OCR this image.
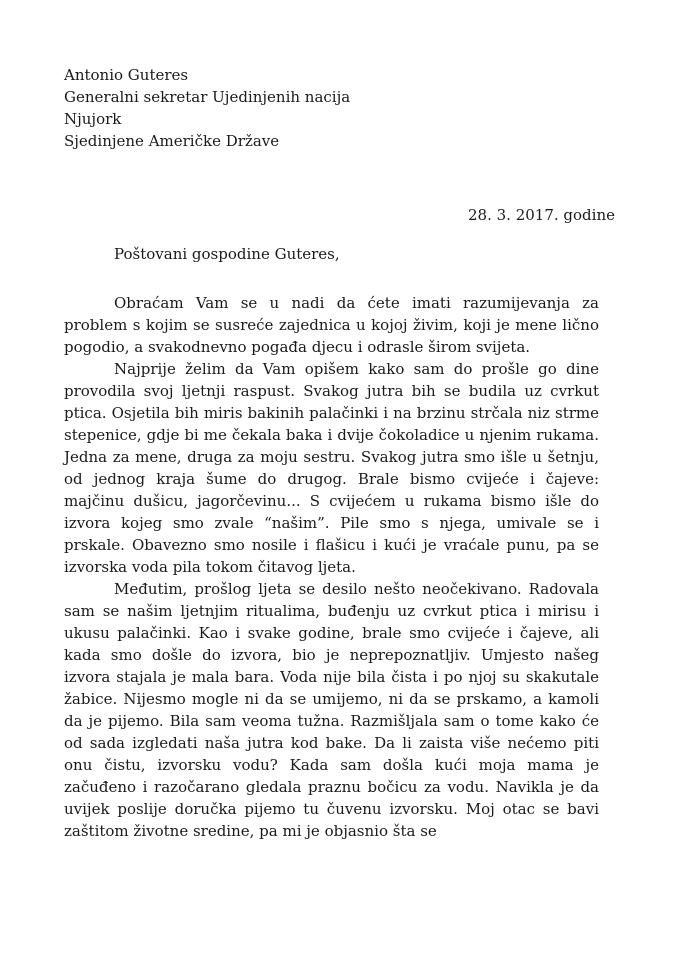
Antonio Guteres
Generalni sekretar Ujedinjenih nacija
Njujork
Sjedinjene Američke Države
28. 3. 2017. godine
Poštovani gospodine Guteres,

Obraćam Vam se u nadi da ćete imati razumijevanja za problem s kojim se susreće zajednica u kojoj živim, koji je mene lično pogodio, a svakodnevno pogađa djecu i odrasle širom svijeta.

Najprije želim da Vam opišem kako sam do prošle go dine provodila svoj ljetnji raspust. Svakog jutra bih se budila uz cvrkut ptica. Osjetila bih miris bakinih palačinki i na brzinu strčala niz strme stepenice, gdje bi me čekala baka i dvije čokoladice u njenim rukama. Jedna za mene, druga za moju sestru. Svakog jutra smo išle u šetnju, od jednog kraja šume do drugog. Brale bismo cvijeće i čajeve: majčinu dušicu, jagorčevinu... S cvijećem u rukama bismo išle do izvora kojeg smo zvale “našim”. Pile smo s njega, umivale se i prskale. Obavezno smo nosile i flašicu i kući je vraćale punu, pa se izvorska voda pila tokom čitavog ljeta.

Međutim, prošlog ljeta se desilo nešto neočekivano. Radovala sam se našim ljetnjim ritualima, buđenju uz cvrkut ptica i mirisu i ukusu palačinki. Kao i svake godine, brale smo cvijeće i čajeve, ali kada smo došle do izvora, bio je neprepoznatljiv. Umjesto našeg izvora stajala je mala bara. Voda nije bila čista i po njoj su skakutale žabice. Nijesmo mogle ni da se umijemo, ni da se prskamo, a kamoli da je pijemo. Bila sam veoma tužna. Razmišljala sam o tome kako će od sada izgledati naša jutra kod bake. Da li zaista više nećemo piti onu čistu, izvorsku vodu? Kada sam došla kući moja mama je začuđeno i razočarano gledala praznu bočicu za vodu. Navikla je da uvijek poslije doručka pijemo tu čuvenu izvorsku. Moj otac se bavi zaštitom životne sredine, pa mi je objasnio šta se
